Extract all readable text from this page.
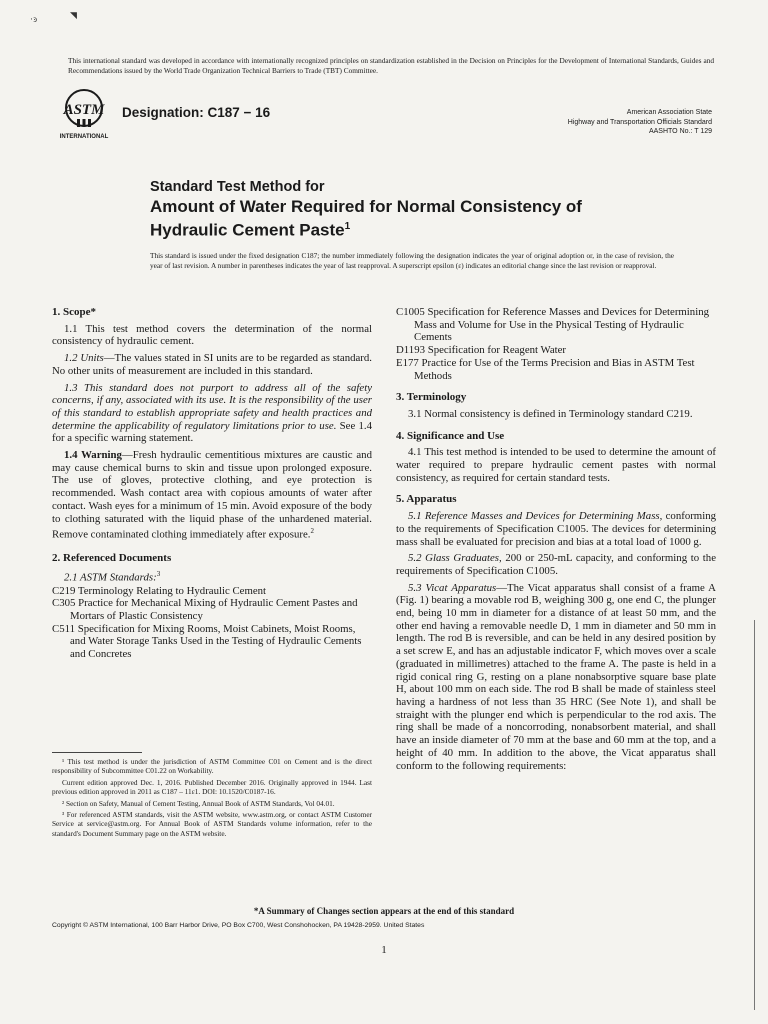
·ͽ	◥
This international standard was developed in accordance with internationally recognized principles on standardization established in the Decision on Principles for the Development of International Standards, Guides and Recommendations issued by the World Trade Organization Technical Barriers to Trade (TBT) Committee.
ASTM
INTERNATIONAL
Designation: C187 − 16	American Association State
Highway and Transportation Officials Standard
AASHTO No.: T 129
Standard Test Method for
Amount of Water Required for Normal Consistency of Hydraulic Cement Paste$^1$
This standard is issued under the fixed designation C187; the number immediately following the designation indicates the year of original adoption or, in the case of revision, the year of last revision. A number in parentheses indicates the year of last reapproval. A superscript epsilon (ε) indicates an editorial change since the last revision or reapproval.
1. Scope*

1.1 This test method covers the determination of the normal consistency of hydraulic cement.

1.2 Units—The values stated in SI units are to be regarded as standard. No other units of measurement are included in this standard.

1.3 This standard does not purport to address all of the safety concerns, if any, associated with its use. It is the responsibility of the user of this standard to establish appropriate safety and health practices and determine the applicability of regulatory limitations prior to use. See 1.4 for a specific warning statement.

1.4 Warning—Fresh hydraulic cementitious mixtures are caustic and may cause chemical burns to skin and tissue upon prolonged exposure. The use of gloves, protective clothing, and eye protection is recommended. Wash contact area with copious amounts of water after contact. Wash eyes for a minimum of 15 min. Avoid exposure of the body to clothing saturated with the liquid phase of the unhardened material. Remove contaminated clothing immediately after exposure.$^2$

2. Referenced Documents

2.1 ASTM Standards:$^3$

C219 Terminology Relating to Hydraulic Cement

C305 Practice for Mechanical Mixing of Hydraulic Cement Pastes and Mortars of Plastic Consistency

C511 Specification for Mixing Rooms, Moist Cabinets, Moist Rooms, and Water Storage Tanks Used in the Testing of Hydraulic Cements and Concretes

¹ This test method is under the jurisdiction of ASTM Committee C01 on Cement and is the direct responsibility of Subcommittee C01.22 on Workability.

Current edition approved Dec. 1, 2016. Published December 2016. Originally approved in 1944. Last previous edition approved in 2011 as C187 – 11ε1. DOI: 10.1520/C0187-16.

² Section on Safety, Manual of Cement Testing, Annual Book of ASTM Standards, Vol 04.01.

³ For referenced ASTM standards, visit the ASTM website, www.astm.org, or contact ASTM Customer Service at service@astm.org. For Annual Book of ASTM Standards volume information, refer to the standard's Document Summary page on the ASTM website.

C1005 Specification for Reference Masses and Devices for Determining Mass and Volume for Use in the Physical Testing of Hydraulic Cements

D1193 Specification for Reagent Water

E177 Practice for Use of the Terms Precision and Bias in ASTM Test Methods

3. Terminology

3.1 Normal consistency is defined in Terminology standard C219.

4. Significance and Use

4.1 This test method is intended to be used to determine the amount of water required to prepare hydraulic cement pastes with normal consistency, as required for certain standard tests.

5. Apparatus

5.1 Reference Masses and Devices for Determining Mass, conforming to the requirements of Specification C1005. The devices for determining mass shall be evaluated for precision and bias at a total load of 1000 g.

5.2 Glass Graduates, 200 or 250-mL capacity, and conforming to the requirements of Specification C1005.

5.3 Vicat Apparatus—The Vicat apparatus shall consist of a frame A (Fig. 1) bearing a movable rod B, weighing 300 g, one end C, the plunger end, being 10 mm in diameter for a distance of at least 50 mm, and the other end having a removable needle D, 1 mm in diameter and 50 mm in length. The rod B is reversible, and can be held in any desired position by a set screw E, and has an adjustable indicator F, which moves over a scale (graduated in millimetres) attached to the frame A. The paste is held in a rigid conical ring G, resting on a plane nonabsorptive square base plate H, about 100 mm on each side. The rod B shall be made of stainless steel having a hardness of not less than 35 HRC (See Note 1), and shall be straight with the plunger end which is perpendicular to the rod axis. The ring shall be made of a noncorroding, nonabsorbent material, and shall have an inside diameter of 70 mm at the base and 60 mm at the top, and a height of 40 mm. In addition to the above, the Vicat apparatus shall conform to the following requirements:

*A Summary of Changes section appears at the end of this standard
Copyright © ASTM International, 100 Barr Harbor Drive, PO Box C700, West Conshohocken, PA 19428-2959. United States
1
